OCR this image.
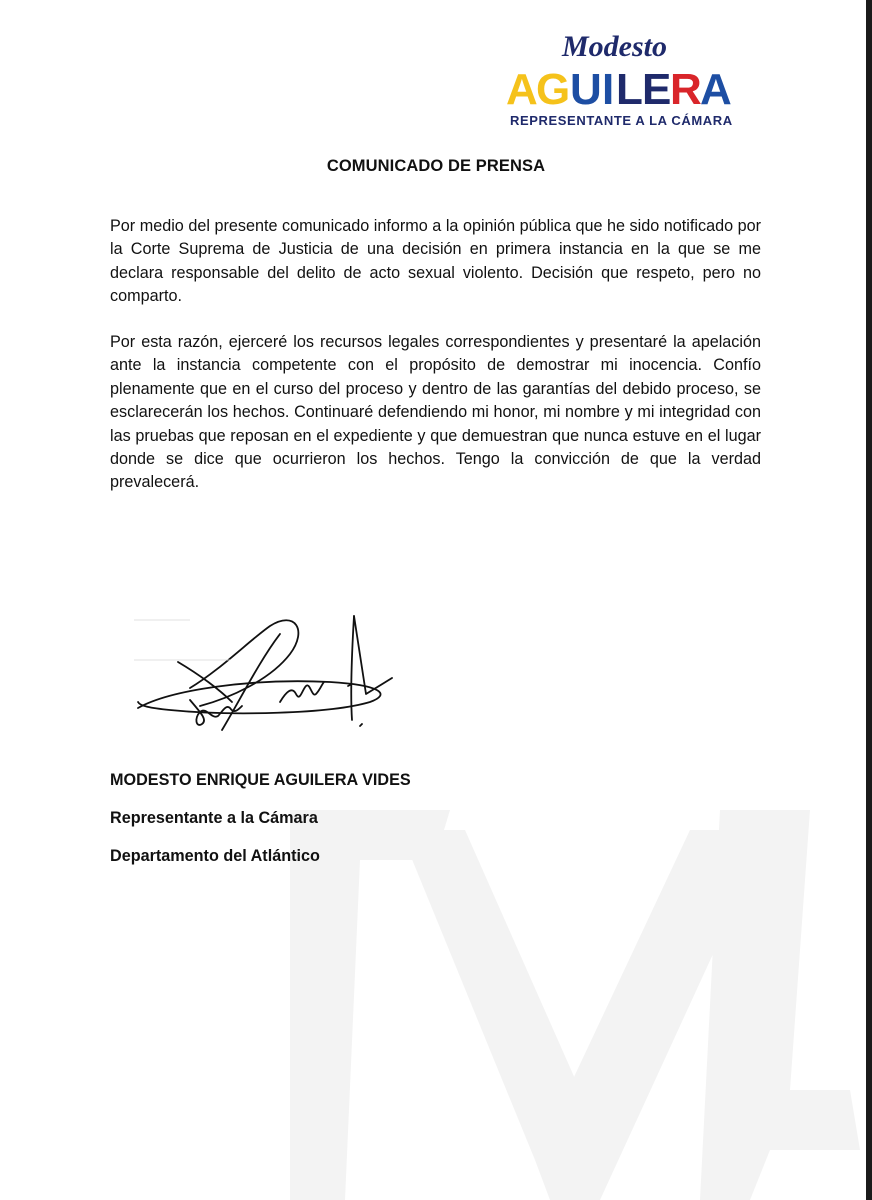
Modesto
A
G U I L E
R
A
REPRESENTANTE A LA CÁMARA
COMUNICADO DE PRENSA

Por medio del presente comunicado informo a la opinión pública que he sido notificado por la Corte Suprema de Justicia de una decisión en primera instancia en la que se me declara responsable del delito de acto sexual violento. Decisión que respeto, pero no comparto.

Por esta razón, ejerceré los recursos legales correspondientes y presentaré la apelación ante la instancia competente con el propósito de demostrar mi inocencia. Confío plenamente que en el curso del proceso y dentro de las garantías del debido proceso, se esclarecerán los hechos. Continuaré defendiendo mi honor, mi nombre y mi integridad con las pruebas que reposan en el expediente y que demuestran que nunca estuve en el lugar donde se dice que ocurrieron los hechos. Tengo la convicción de que la verdad prevalecerá.

MODESTO ENRIQUE AGUILERA VIDES
Representante a la Cámara
Departamento del Atlántico
